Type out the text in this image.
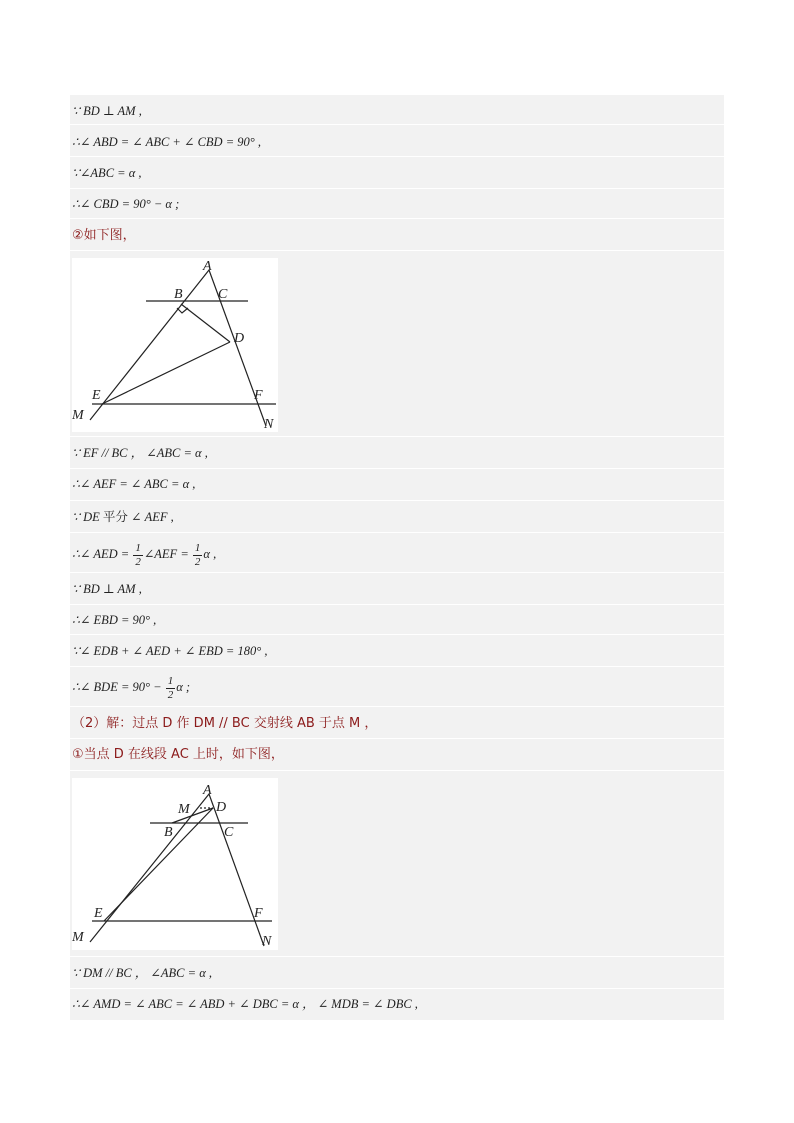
∵ BD ⊥ AM ,
∴∠ ABD = ∠ ABC + ∠ CBD = 90° ,
∵∠ABC = α ,
∴∠ CBD = 90° − α ;
②如下图，
A
B	C
D
E	F
M
N
∵ EF // BC ， ∠ABC = α ,
∴∠ AEF = ∠ ABC = α ,
∵ DE 平分 ∠ AEF ,
∴∠ AED = $\frac{1}{2}$ ∠AEF = $\frac{1}{2}$ α ,
∵ BD ⊥ AM ,
∴∠ EBD = 90° ,
∵∠ EDB + ∠ AED + ∠ EBD = 180° ,
∴∠ BDE = $90^\circ - \frac{1}{2}$ α ;
（2）解：过点 D 作 DM // BC 交射线 AB 于点 M ，
①当点 D 在线段 AC 上时，如下图，
A
M D
B	C
E	F
M	N
∵ DM // BC ， ∠ABC = α ,
∴∠ AMD = ∠ ABC = ∠ ABD + ∠ DBC = α ， ∠ MDB = ∠ DBC ,
